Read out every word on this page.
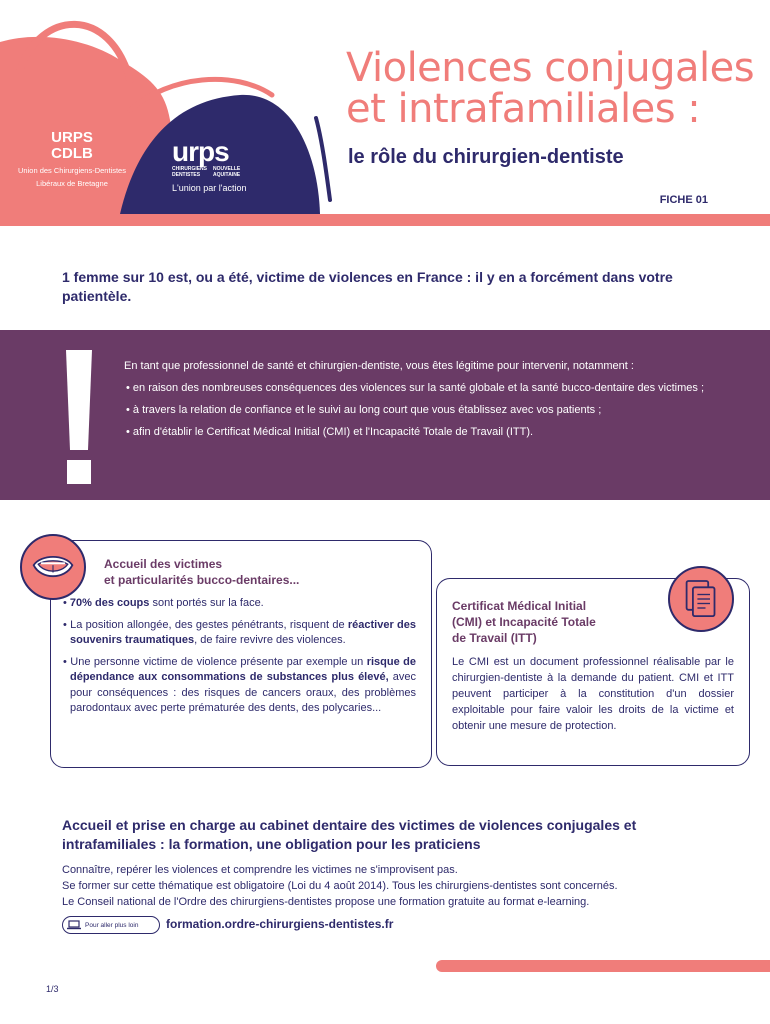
URPS
CDLB
Union des Chirurgiens-Dentistes
Libéraux de Bretagne
urps
CHIRURGIENS
DENTISTES
NOUVELLE
AQUITAINE
L'union par l'action
Violences conjugales
et intrafamiliales :
le rôle du chirurgien-dentiste
FICHE 01
1 femme sur 10 est, ou a été, victime de violences en France : il y en a forcément dans votre patientèle.

En tant que professionnel de santé et chirurgien-dentiste, vous êtes légitime pour intervenir, notamment :

• en raison des nombreuses conséquences des violences sur la santé globale et la santé bucco-dentaire des victimes ;

• à travers la relation de confiance et le suivi au long court que vous établissez avec vos patients ;

• afin d'établir le Certificat Médical Initial (CMI) et l'Incapacité Totale de Travail (ITT).

Accueil des victimes
et particularités bucco-dentaires...
• 70% des coups sont portés sur la face.
• La position allongée, des gestes pénétrants, risquent de réactiver des souvenirs traumatiques, de faire revivre des violences.
• Une personne victime de violence présente par exemple un risque de dépendance aux consommations de substances plus élevé, avec pour conséquences : des risques de cancers oraux, des problèmes parodontaux avec perte prématurée des dents, des polycaries...
Certificat Médical Initial
(CMI) et Incapacité Totale
de Travail (ITT)
Le CMI est un document professionnel réalisable par le chirurgien-dentiste à la demande du patient. CMI et ITT peuvent participer à la constitution d'un dossier exploitable pour faire valoir les droits de la victime et obtenir une mesure de protection.
Accueil et prise en charge au cabinet dentaire des victimes de violences conjugales et intrafamiliales : la formation, une obligation pour les praticiens
Connaître, repérer les violences et comprendre les victimes ne s'improvisent pas.
Se former sur cette thématique est obligatoire (Loi du 4 août 2014). Tous les chirurgiens-dentistes sont concernés.
Le Conseil national de l'Ordre des chirurgiens-dentistes propose une formation gratuite au format e-learning.
Pour aller plus loin formation.ordre-chirurgiens-dentistes.fr
1/3
